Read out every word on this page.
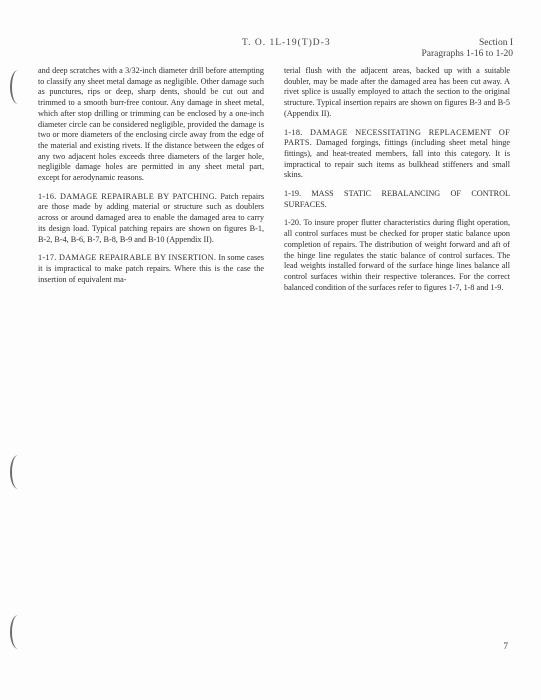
T. O. 1L-19(T)D-3	Section I
Paragraphs 1-16 to 1-20

and deep scratches with a 3/32-inch diameter drill before attempting to classify any sheet metal damage as negligible. Other damage such as punctures, rips or deep, sharp dents, should be cut out and trimmed to a smooth burr-free contour. Any damage in sheet metal, which after stop drilling or trimming can be enclosed by a one-inch diameter circle can be considered negligible, provided the damage is two or more diameters of the enclosing circle away from the edge of the material and existing rivets. If the distance between the edges of any two adjacent holes exceeds three diameters of the larger hole, negligible damage holes are permitted in any sheet metal part, except for aerodynamic reasons.

1-16. DAMAGE REPAIRABLE BY PATCHING. Patch repairs are those made by adding material or structure such as doublers across or around damaged area to enable the damaged area to carry its design load. Typical patching repairs are shown on figures B-1, B-2, B-4, B-6, B-7, B-8, B-9 and B-10 (Appendix II).

1-17. DAMAGE REPAIRABLE BY INSERTION. In some cases it is impractical to make patch repairs. Where this is the case the insertion of equivalent ma-

terial flush with the adjacent areas, backed up with a suitable doubler, may be made after the damaged area has been cut away. A rivet splice is usually employed to attach the section to the original structure. Typical insertion repairs are shown on figures B-3 and B-5 (Appendix II).

1-18. DAMAGE NECESSITATING REPLACEMENT OF PARTS. Damaged forgings, fittings (including sheet metal hinge fittings), and heat-treated members, fall into this category. It is impractical to repair such items as bulkhead stiffeners and small skins.

1-19. MASS STATIC REBALANCING OF CONTROL SURFACES.

1-20. To insure proper flutter characteristics during flight operation, all control surfaces must be checked for proper static balance upon completion of repairs. The distribution of weight forward and aft of the hinge line regulates the static balance of control surfaces. The lead weights installed forward of the surface hinge lines balance all control surfaces within their respective tolerances. For the correct balanced condition of the surfaces refer to figures 1-7, 1-8 and 1-9.

7
